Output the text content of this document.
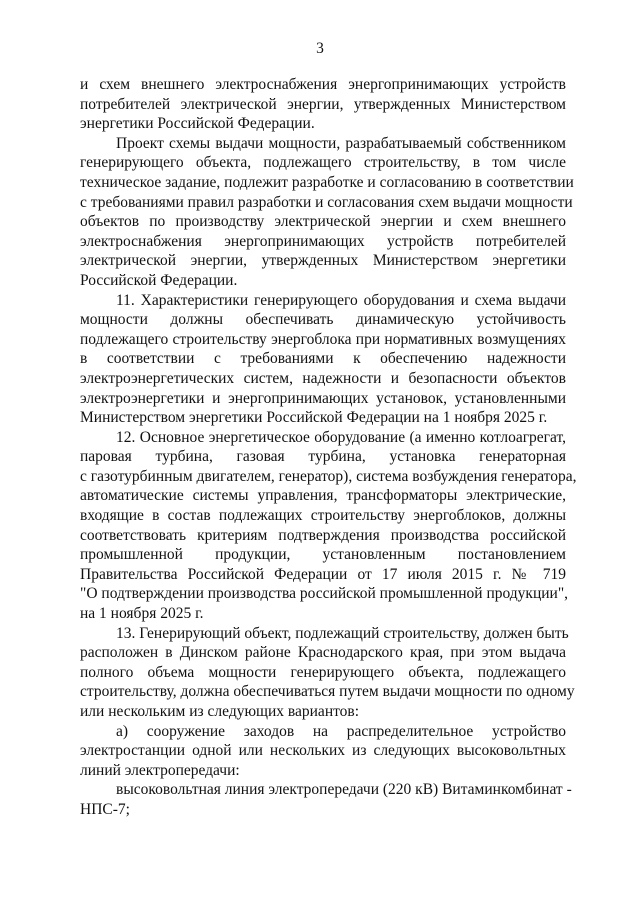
3
и схем внешнего электроснабжения энергопринимающих устройств
потребителей электрической энергии, утвержденных Министерством
энергетики Российской Федерации.
Проект схемы выдачи мощности, разрабатываемый собственником
генерирующего объекта, подлежащего строительству, в том числе
техническое задание, подлежит разработке и согласованию в соответствии
с требованиями правил разработки и согласования схем выдачи мощности
объектов по производству электрической энергии и схем внешнего
электроснабжения энергопринимающих устройств потребителей
электрической энергии, утвержденных Министерством энергетики
Российской Федерации.
11. Характеристики генерирующего оборудования и схема выдачи
мощности должны обеспечивать динамическую устойчивость
подлежащего строительству энергоблока при нормативных возмущениях
в соответствии с требованиями к обеспечению надежности
электроэнергетических систем, надежности и безопасности объектов
электроэнергетики и энергопринимающих установок, установленными
Министерством энергетики Российской Федерации на 1 ноября 2025 г.
12. Основное энергетическое оборудование (а именно котлоагрегат,
паровая турбина, газовая турбина, установка генераторная
с газотурбинным двигателем, генератор), система возбуждения генератора,
автоматические системы управления, трансформаторы электрические,
входящие в состав подлежащих строительству энергоблоков, должны
соответствовать критериям подтверждения производства российской
промышленной продукции, установленным постановлением
Правительства Российской Федерации от 17 июля 2015 г. № 719
"О подтверждении производства российской промышленной продукции",
на 1 ноября 2025 г.
13. Генерирующий объект, подлежащий строительству, должен быть
расположен в Динском районе Краснодарского края, при этом выдача
полного объема мощности генерирующего объекта, подлежащего
строительству, должна обеспечиваться путем выдачи мощности по одному
или нескольким из следующих вариантов:
а) сооружение заходов на распределительное устройство
электростанции одной или нескольких из следующих высоковольтных
линий электропередачи:
высоковольтная линия электропередачи (220 кВ) Витаминкомбинат -
НПС-7;
